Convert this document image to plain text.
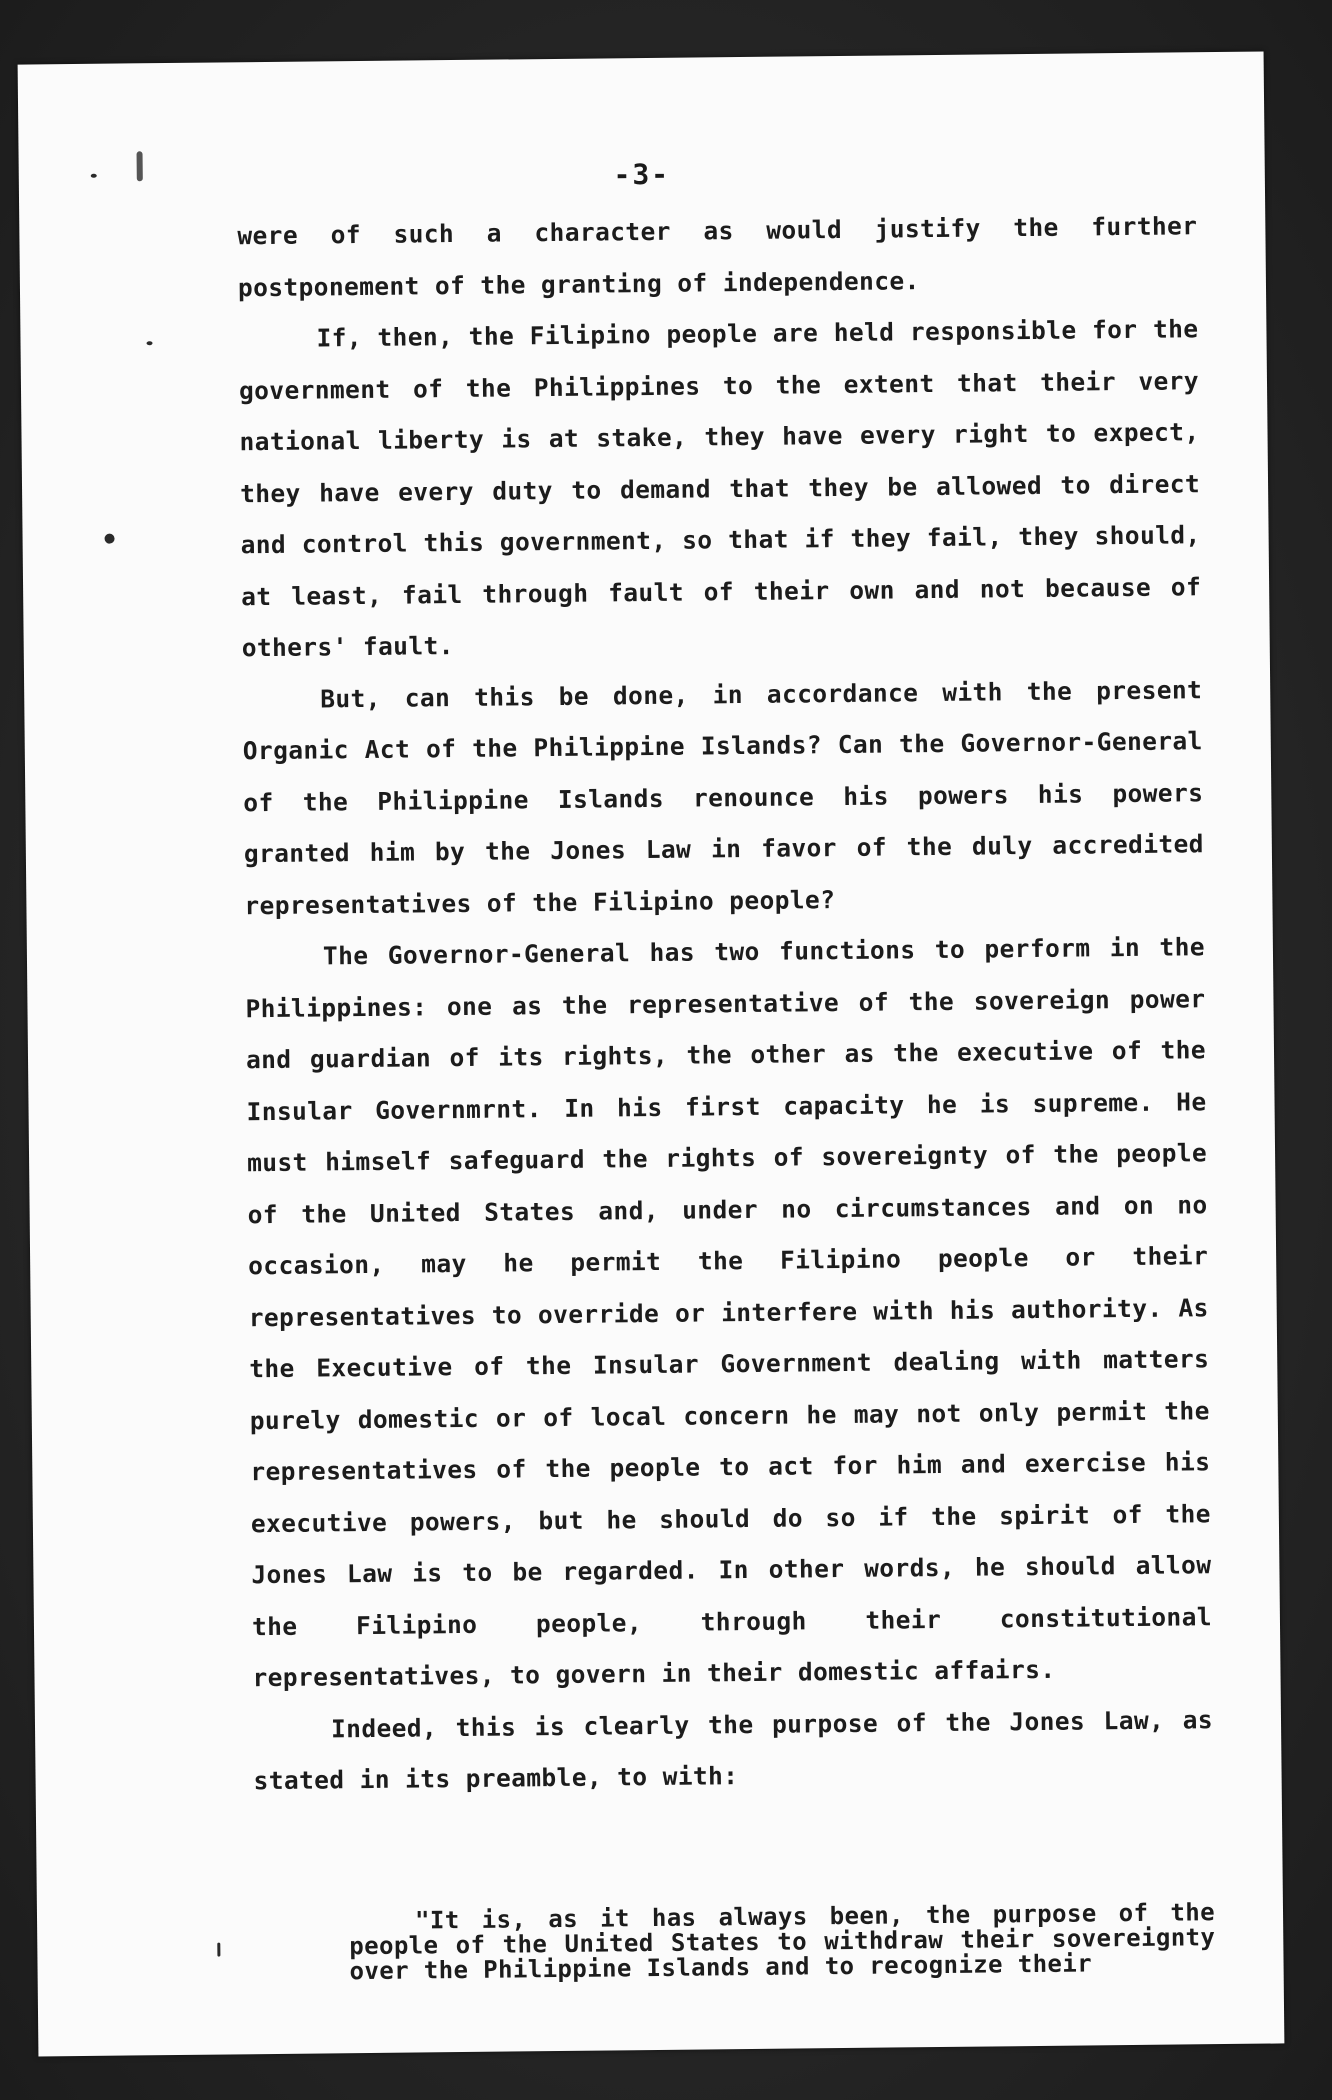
-3-

were of such a character as would justify the further postponement of the granting of independence.

If, then, the Filipino people are held responsible for the government of the Philippines to the extent that their very national liberty is at stake, they have every right to expect, they have every duty to demand that they be allowed to direct and control this government, so that if they fail, they should, at least, fail through fault of their own and not because of others' fault.

But, can this be done, in accordance with the present Organic Act of the Philippine Islands? Can the Governor-General of the Philippine Islands renounce his powers his powers granted him by the Jones Law in favor of the duly accredited representatives of the Filipino people?

The Governor-General has two functions to perform in the Philippines: one as the representative of the sovereign power and guardian of its rights, the other as the executive of the Insular Governmrnt. In his first capacity he is supreme. He must himself safeguard the rights of sovereignty of the people of the United States and, under no circumstances and on no occasion, may he permit the Filipino people or their representatives to override or interfere with his authority. As the Executive of the Insular Government dealing with matters purely domestic or of local concern he may not only permit the representatives of the people to act for him and exercise his executive powers, but he should do so if the spirit of the Jones Law is to be regarded. In other words, he should allow the Filipino people, through their constitutional representatives, to govern in their domestic affairs.

Indeed, this is clearly the purpose of the Jones Law, as stated in its preamble, to with:

"It is, as it has always been, the purpose of the people of the United States to withdraw their sovereignty over the Philippine Islands and to recognize their
